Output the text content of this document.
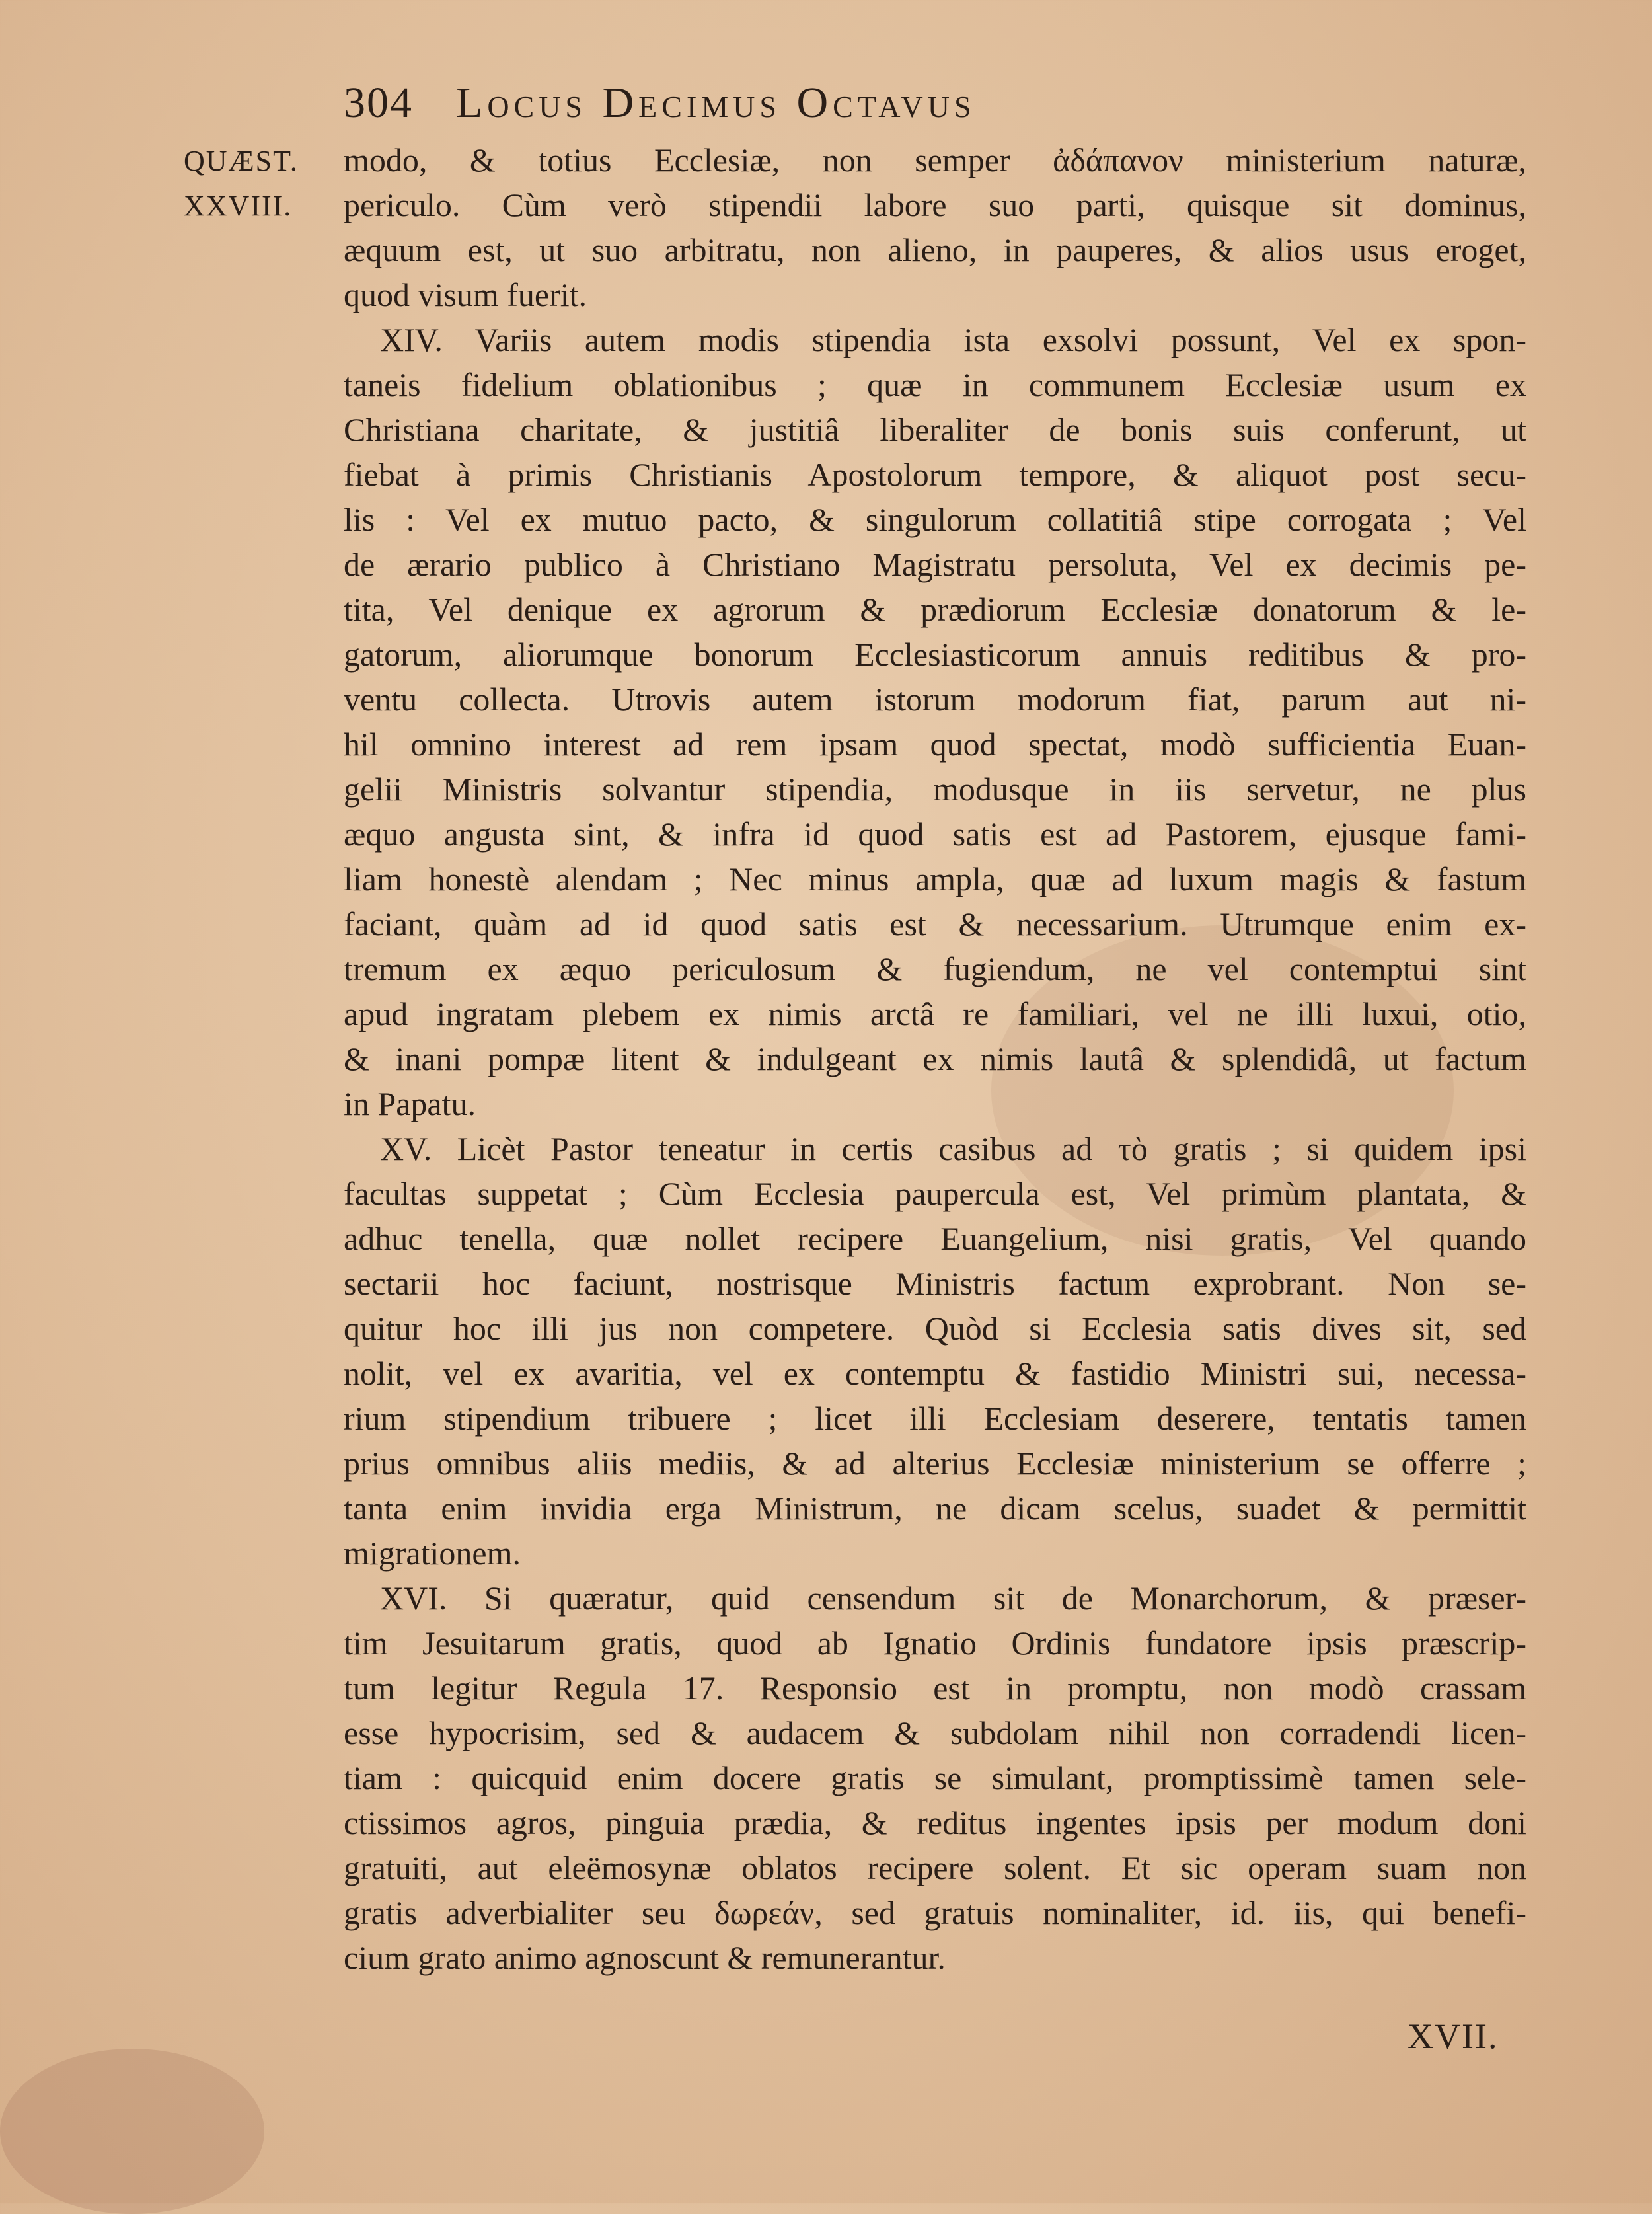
304 Locus Decimus Octavus
QUÆST.
XXVIII.
modo, & totius Ecclesiæ, non semper ἀδάπανον ministerium naturæ,
periculo. Cùm verò stipendii labore suo parti, quisque sit dominus,
æquum est, ut suo arbitratu, non alieno, in pauperes, & alios usus eroget,
quod visum fuerit.
XIV. Variis autem modis stipendia ista exsolvi possunt, Vel ex spon-
taneis fidelium oblationibus ; quæ in communem Ecclesiæ usum ex
Christiana charitate, & justitiâ liberaliter de bonis suis conferunt, ut
fiebat à primis Christianis Apostolorum tempore, & aliquot post secu-
lis : Vel ex mutuo pacto, & singulorum collatitiâ stipe corrogata ; Vel
de ærario publico à Christiano Magistratu persoluta, Vel ex decimis pe-
tita, Vel denique ex agrorum & prædiorum Ecclesiæ donatorum & le-
gatorum, aliorumque bonorum Ecclesiasticorum annuis reditibus & pro-
ventu collecta. Utrovis autem istorum modorum fiat, parum aut ni-
hil omnino interest ad rem ipsam quod spectat, modò sufficientia Euan-
gelii Ministris solvantur stipendia, modusque in iis servetur, ne plus
æquo angusta sint, & infra id quod satis est ad Pastorem, ejusque fami-
liam honestè alendam ; Nec minus ampla, quæ ad luxum magis & fastum
faciant, quàm ad id quod satis est & necessarium. Utrumque enim ex-
tremum ex æquo periculosum & fugiendum, ne vel contemptui sint
apud ingratam plebem ex nimis arctâ re familiari, vel ne illi luxui, otio,
& inani pompæ litent & indulgeant ex nimis lautâ & splendidâ, ut factum
in Papatu.
XV. Licèt Pastor teneatur in certis casibus ad τὸ gratis ; si quidem ipsi
facultas suppetat ; Cùm Ecclesia paupercula est, Vel primùm plantata, &
adhuc tenella, quæ nollet recipere Euangelium, nisi gratis, Vel quando
sectarii hoc faciunt, nostrisque Ministris factum exprobrant. Non se-
quitur hoc illi jus non competere. Quòd si Ecclesia satis dives sit, sed
nolit, vel ex avaritia, vel ex contemptu & fastidio Ministri sui, necessa-
rium stipendium tribuere ; licet illi Ecclesiam deserere, tentatis tamen
prius omnibus aliis mediis, & ad alterius Ecclesiæ ministerium se offerre ;
tanta enim invidia erga Ministrum, ne dicam scelus, suadet & permittit
migrationem.
XVI. Si quæratur, quid censendum sit de Monarchorum, & præser-
tim Jesuitarum gratis, quod ab Ignatio Ordinis fundatore ipsis præscrip-
tum legitur Regula 17. Responsio est in promptu, non modò crassam
esse hypocrisim, sed & audacem & subdolam nihil non corradendi licen-
tiam : quicquid enim docere gratis se simulant, promptissimè tamen sele-
ctissimos agros, pinguia prædia, & reditus ingentes ipsis per modum doni
gratuiti, aut eleëmosynæ oblatos recipere solent. Et sic operam suam non
gratis adverbialiter seu δωρεάν, sed gratuis nominaliter, id. iis, qui benefi-
cium grato animo agnoscunt & remunerantur.
XVII.
